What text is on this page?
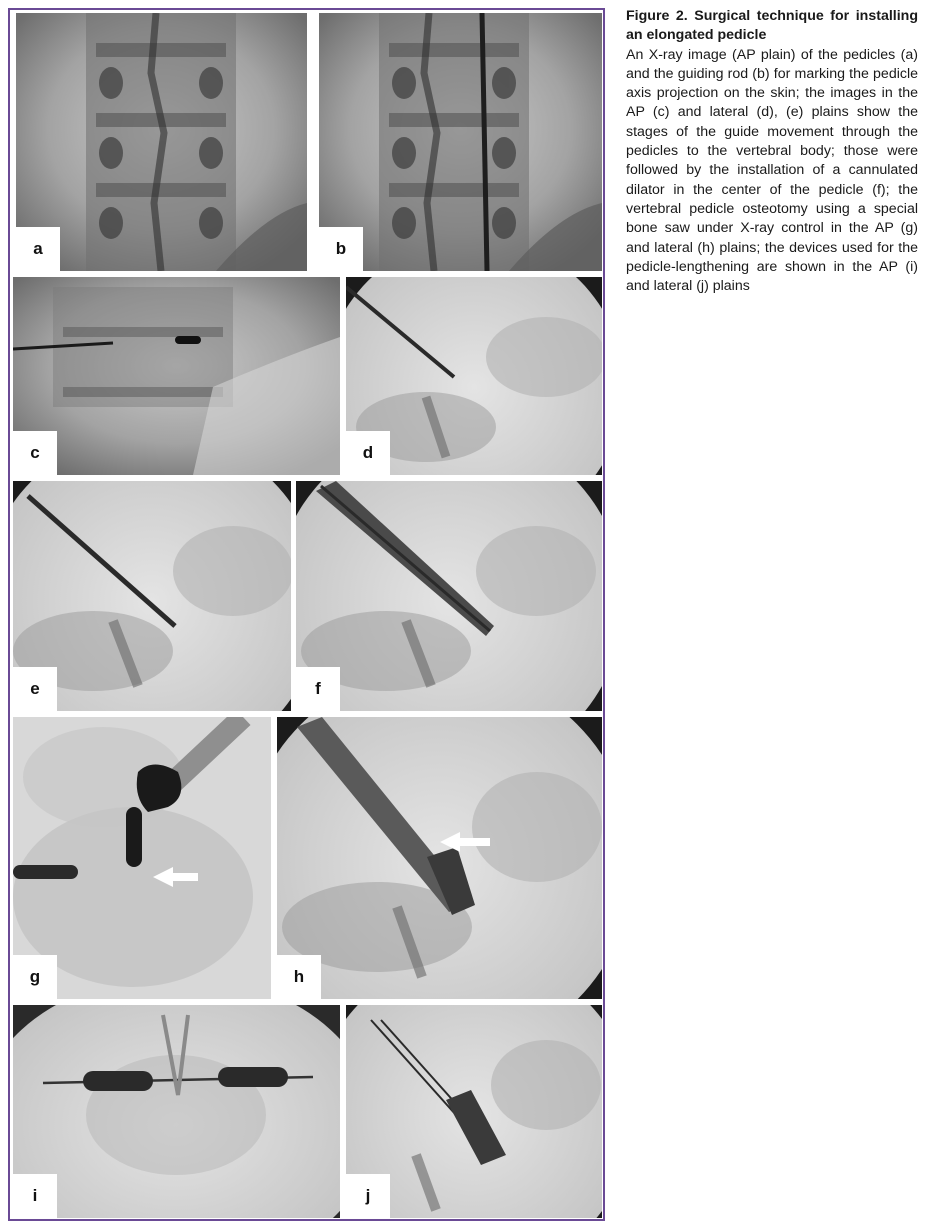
a	b
c	d
e	f
g	h
i	j
Figure 2. Surgical technique for installing an elongated pedicle
An X-ray image (AP plain) of the pedicles (a) and the guiding rod (b) for marking the pedicle axis projection on the skin; the images in the AP (c) and lateral (d), (e) plains show the stages of the guide movement through the pedicles to the vertebral body; those were followed by the installation of a cannulated dilator in the center of the pedicle (f); the vertebral pedicle osteotomy using a special bone saw under X-ray control in the AP (g) and lateral (h) plains; the devices used for the pedicle-lengthening are shown in the AP (i) and lateral (j) plains
